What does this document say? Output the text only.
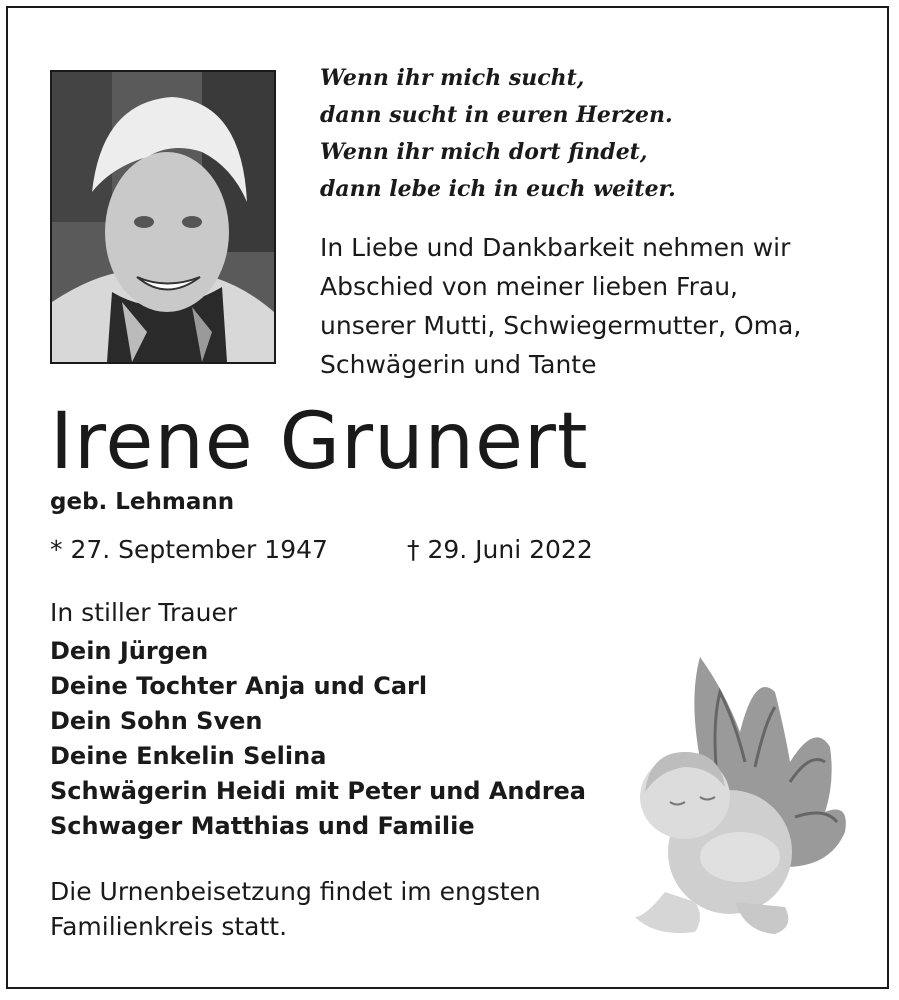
Wenn ihr mich sucht,
dann sucht in euren Herzen.
Wenn ihr mich dort findet,
dann lebe ich in euch weiter.
In Liebe und Dankbarkeit nehmen wir
Abschied von meiner lieben Frau,
unserer Mutti, Schwiegermutter, Oma,
Schwägerin und Tante
Irene Grunert
geb. Lehmann
* 27. September 1947	† 29. Juni 2022
In stiller Trauer
Dein Jürgen
Deine Tochter Anja und Carl
Dein Sohn Sven
Deine Enkelin Selina
Schwägerin Heidi mit Peter und Andrea
Schwager Matthias und Familie
Die Urnenbeisetzung findet im engsten
Familienkreis statt.
